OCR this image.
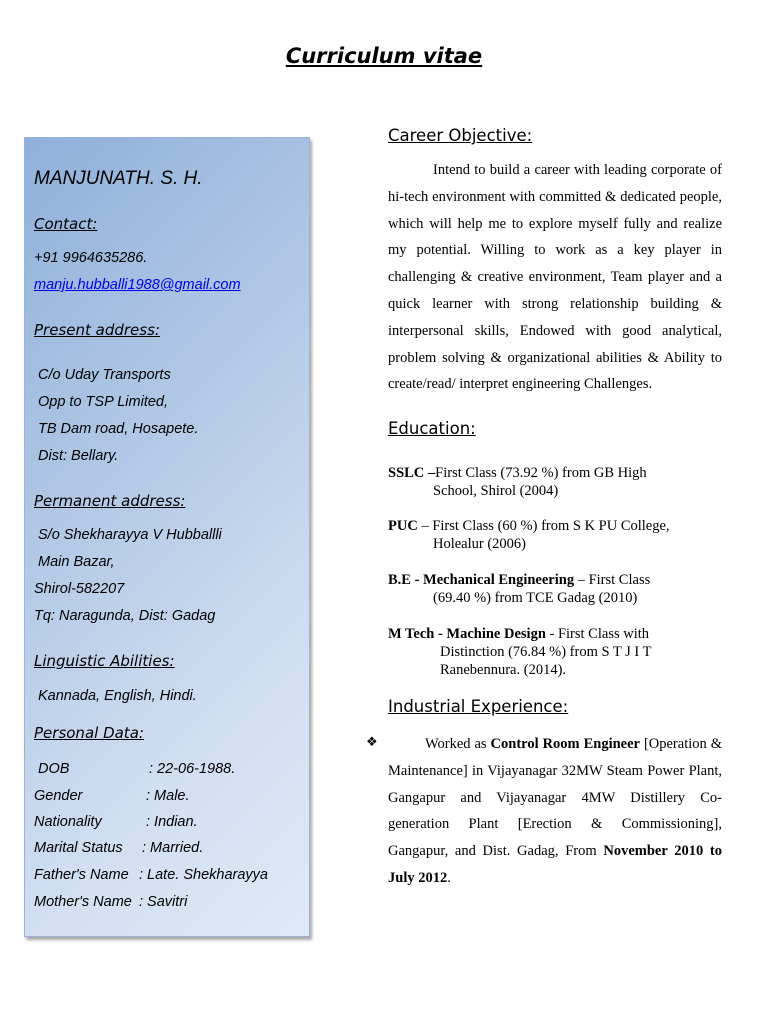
Curriculum vitae
MANJUNATH. S. H.
Contact:
+91 9964635286.
manju.hubballi1988@gmail.com
Present address:
C/o Uday Transports
Opp to TSP Limited,
TB Dam road, Hosapete.
Dist: Bellary.
Permanent address:
S/o Shekharayya V Hubballli
Main Bazar,
Shirol-582207
Tq: Naragunda, Dist: Gadag
Linguistic Abilities:
Kannada, English, Hindi.
Personal Data:
DOB	: 22-06-1988.
Gender	: Male.
Nationality	: Indian.
Marital Status : Married.
Father's Name : Late. Shekharayya
Mother's Name : Savitri
Career Objective:
Intend to build a career with leading corporate of hi-tech environment with committed & dedicated people, which will help me to explore myself fully and realize my potential. Willing to work as a key player in challenging & creative environment, Team player and a quick learner with strong relationship building & interpersonal skills, Endowed with good analytical, problem solving & organizational abilities & Ability to create/read/ interpret engineering Challenges.
Education:
SSLC –First Class (73.92 %) from GB High
School, Shirol (2004)
PUC – First Class (60 %) from S K PU College,
Holealur (2006)
B.E - Mechanical Engineering – First Class
(69.40 %) from TCE Gadag (2010)
M Tech - Machine Design - First Class with
Distinction (76.84 %) from S T J I T
Ranebennura. (2014).
Industrial Experience:
❖	Worked as Control Room Engineer [Operation & Maintenance] in Vijayanagar 32MW Steam Power Plant, Gangapur and Vijayanagar 4MW Distillery Co-generation Plant [Erection & Commissioning], Gangapur, and Dist. Gadag, From November 2010 to July 2012.
